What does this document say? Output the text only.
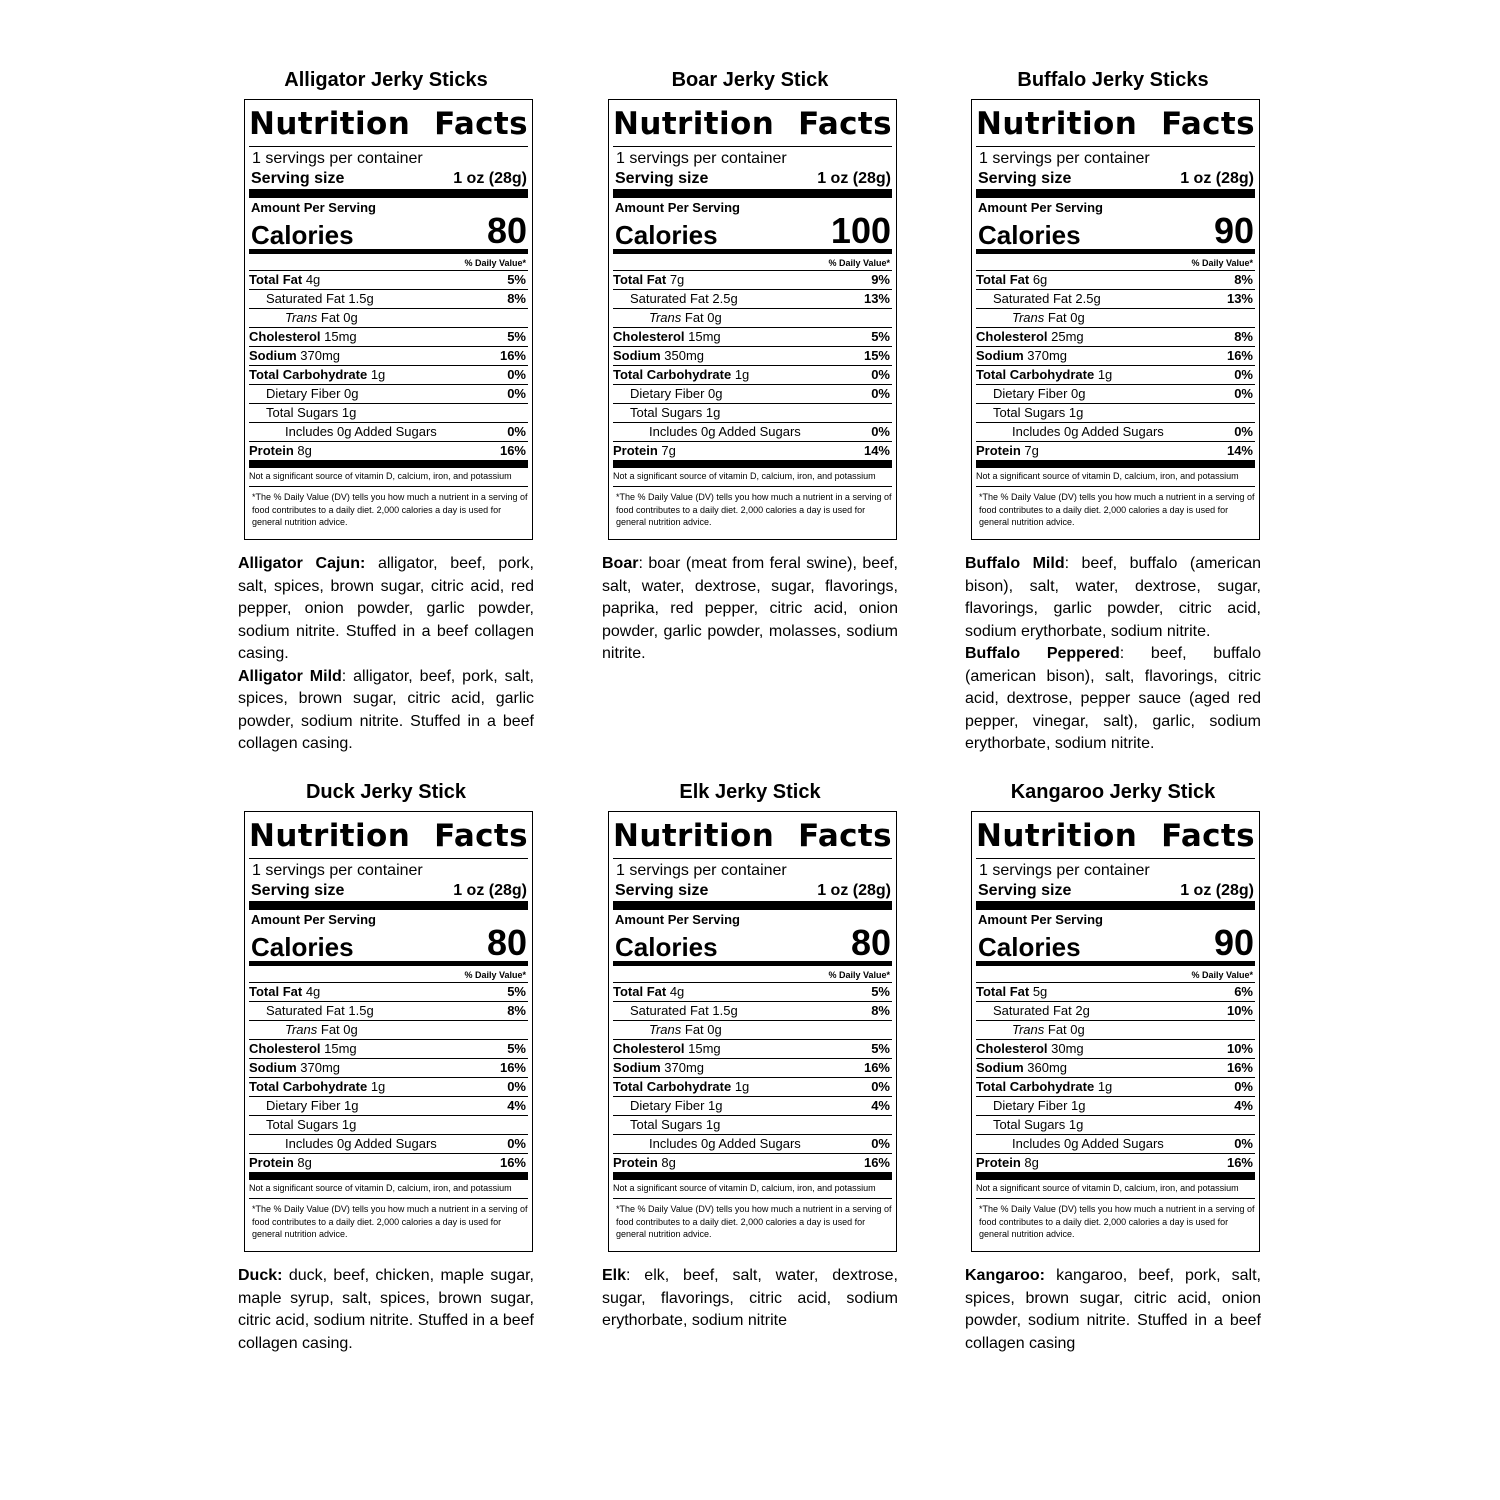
Alligator Jerky Sticks
Nutrition Facts
1 servings per container
Serving size	1 oz (28g)
Amount Per Serving
Calories	80
% Daily Value*
Total Fat 4g	5%
Saturated Fat 1.5g	8%
Trans Fat 0g
Cholesterol 15mg	5%
Sodium 370mg	16%
Total Carbohydrate 1g	0%
Dietary Fiber 0g	0%
Total Sugars 1g
Includes 0g Added Sugars	0%
Protein 8g	16%
Not a significant source of vitamin D, calcium, iron, and potassium
*The % Daily Value (DV) tells you how much a nutrient in a serving of food contributes to a daily diet. 2,000 calories a day is used for general nutrition advice.

Alligator Cajun: alligator, beef, pork, salt, spices, brown sugar, citric acid, red pepper, onion powder, garlic powder, sodium nitrite. Stuffed in a beef collagen casing.

Alligator Mild: alligator, beef, pork, salt, spices, brown sugar, citric acid, garlic powder, sodium nitrite. Stuffed in a beef collagen casing.

Boar Jerky Stick
Nutrition Facts
1 servings per container
Serving size	1 oz (28g)
Amount Per Serving
Calories	100
% Daily Value*
Total Fat 7g	9%
Saturated Fat 2.5g	13%
Trans Fat 0g
Cholesterol 15mg	5%
Sodium 350mg	15%
Total Carbohydrate 1g	0%
Dietary Fiber 0g	0%
Total Sugars 1g
Includes 0g Added Sugars	0%
Protein 7g	14%
Not a significant source of vitamin D, calcium, iron, and potassium
*The % Daily Value (DV) tells you how much a nutrient in a serving of food contributes to a daily diet. 2,000 calories a day is used for general nutrition advice.

Boar: boar (meat from feral swine), beef, salt, water, dextrose, sugar, flavorings, paprika, red pepper, citric acid, onion powder, garlic powder, molasses, sodium nitrite.

Buffalo Jerky Sticks
Nutrition Facts
1 servings per container
Serving size	1 oz (28g)
Amount Per Serving
Calories	90
% Daily Value*
Total Fat 6g	8%
Saturated Fat 2.5g	13%
Trans Fat 0g
Cholesterol 25mg	8%
Sodium 370mg	16%
Total Carbohydrate 1g	0%
Dietary Fiber 0g	0%
Total Sugars 1g
Includes 0g Added Sugars	0%
Protein 7g	14%
Not a significant source of vitamin D, calcium, iron, and potassium
*The % Daily Value (DV) tells you how much a nutrient in a serving of food contributes to a daily diet. 2,000 calories a day is used for general nutrition advice.

Buffalo Mild: beef, buffalo (american bison), salt, water, dextrose, sugar, flavorings, garlic powder, citric acid, sodium erythorbate, sodium nitrite.

Buffalo Peppered: beef, buffalo (american bison), salt, flavorings, citric acid, dextrose, pepper sauce (aged red pepper, vinegar, salt), garlic, sodium erythorbate, sodium nitrite.

Duck Jerky Stick
Nutrition Facts
1 servings per container
Serving size	1 oz (28g)
Amount Per Serving
Calories	80
% Daily Value*
Total Fat 4g	5%
Saturated Fat 1.5g	8%
Trans Fat 0g
Cholesterol 15mg	5%
Sodium 370mg	16%
Total Carbohydrate 1g	0%
Dietary Fiber 1g	4%
Total Sugars 1g
Includes 0g Added Sugars	0%
Protein 8g	16%
Not a significant source of vitamin D, calcium, iron, and potassium
*The % Daily Value (DV) tells you how much a nutrient in a serving of food contributes to a daily diet. 2,000 calories a day is used for general nutrition advice.

Duck: duck, beef, chicken, maple sugar, maple syrup, salt, spices, brown sugar, citric acid, sodium nitrite. Stuffed in a beef collagen casing.

Elk Jerky Stick
Nutrition Facts
1 servings per container
Serving size	1 oz (28g)
Amount Per Serving
Calories	80
% Daily Value*
Total Fat 4g	5%
Saturated Fat 1.5g	8%
Trans Fat 0g
Cholesterol 15mg	5%
Sodium 370mg	16%
Total Carbohydrate 1g	0%
Dietary Fiber 1g	4%
Total Sugars 1g
Includes 0g Added Sugars	0%
Protein 8g	16%
Not a significant source of vitamin D, calcium, iron, and potassium
*The % Daily Value (DV) tells you how much a nutrient in a serving of food contributes to a daily diet. 2,000 calories a day is used for general nutrition advice.

Elk: elk, beef, salt, water, dextrose, sugar, flavorings, citric acid, sodium erythorbate, sodium nitrite

Kangaroo Jerky Stick
Nutrition Facts
1 servings per container
Serving size	1 oz (28g)
Amount Per Serving
Calories	90
% Daily Value*
Total Fat 5g	6%
Saturated Fat 2g	10%
Trans Fat 0g
Cholesterol 30mg	10%
Sodium 360mg	16%
Total Carbohydrate 1g	0%
Dietary Fiber 1g	4%
Total Sugars 1g
Includes 0g Added Sugars	0%
Protein 8g	16%
Not a significant source of vitamin D, calcium, iron, and potassium
*The % Daily Value (DV) tells you how much a nutrient in a serving of food contributes to a daily diet. 2,000 calories a day is used for general nutrition advice.

Kangaroo: kangaroo, beef, pork, salt, spices, brown sugar, citric acid, onion powder, sodium nitrite. Stuffed in a beef collagen casing
